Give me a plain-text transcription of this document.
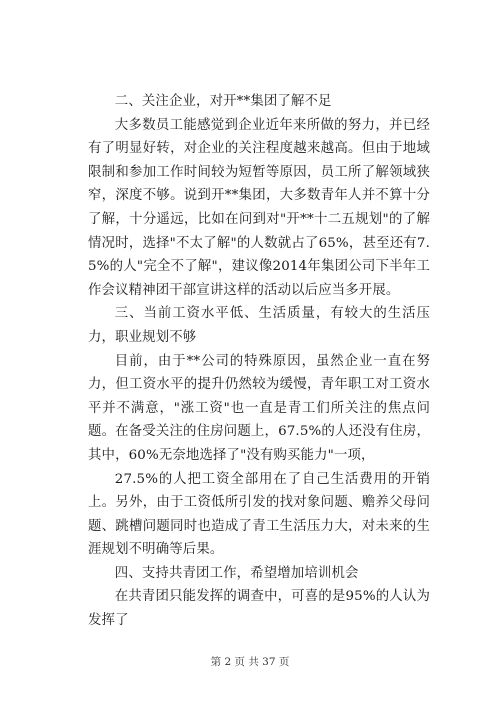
二、关注企业，对开**集团了解不足

大多数员工能感觉到企业近年来所做的努力，并已经有了明显好转，对企业的关注程度越来越高。但由于地域限制和参加工作时间较为短暂等原因，员工所了解领域狭窄，深度不够。说到开**集团，大多数青年人并不算十分了解，十分遥远，比如在问到对"开**十二五规划"的了解情况时，选择"不太了解"的人数就占了65%，甚至还有7.5%的人"完全不了解"，建议像2014年集团公司下半年工作会议精神团干部宣讲这样的活动以后应当多开展。

三、当前工资水平低、生活质量，有较大的生活压力，职业规划不够

目前，由于**公司的特殊原因，虽然企业一直在努力，但工资水平的提升仍然较为缓慢，青年职工对工资水平并不满意，"涨工资"也一直是青工们所关注的焦点问题。在备受关注的住房问题上，67.5%的人还没有住房，其中，60%无奈地选择了"没有购买能力"一项，

27.5%的人把工资全部用在了自己生活费用的开销上。另外，由于工资低所引发的找对象问题、赡养父母问题、跳槽问题同时也造成了青工生活压力大，对未来的生涯规划不明确等后果。

四、支持共青团工作，希望增加培训机会

在共青团只能发挥的调查中，可喜的是95%的人认为发挥了

第 2 页 共 37 页
